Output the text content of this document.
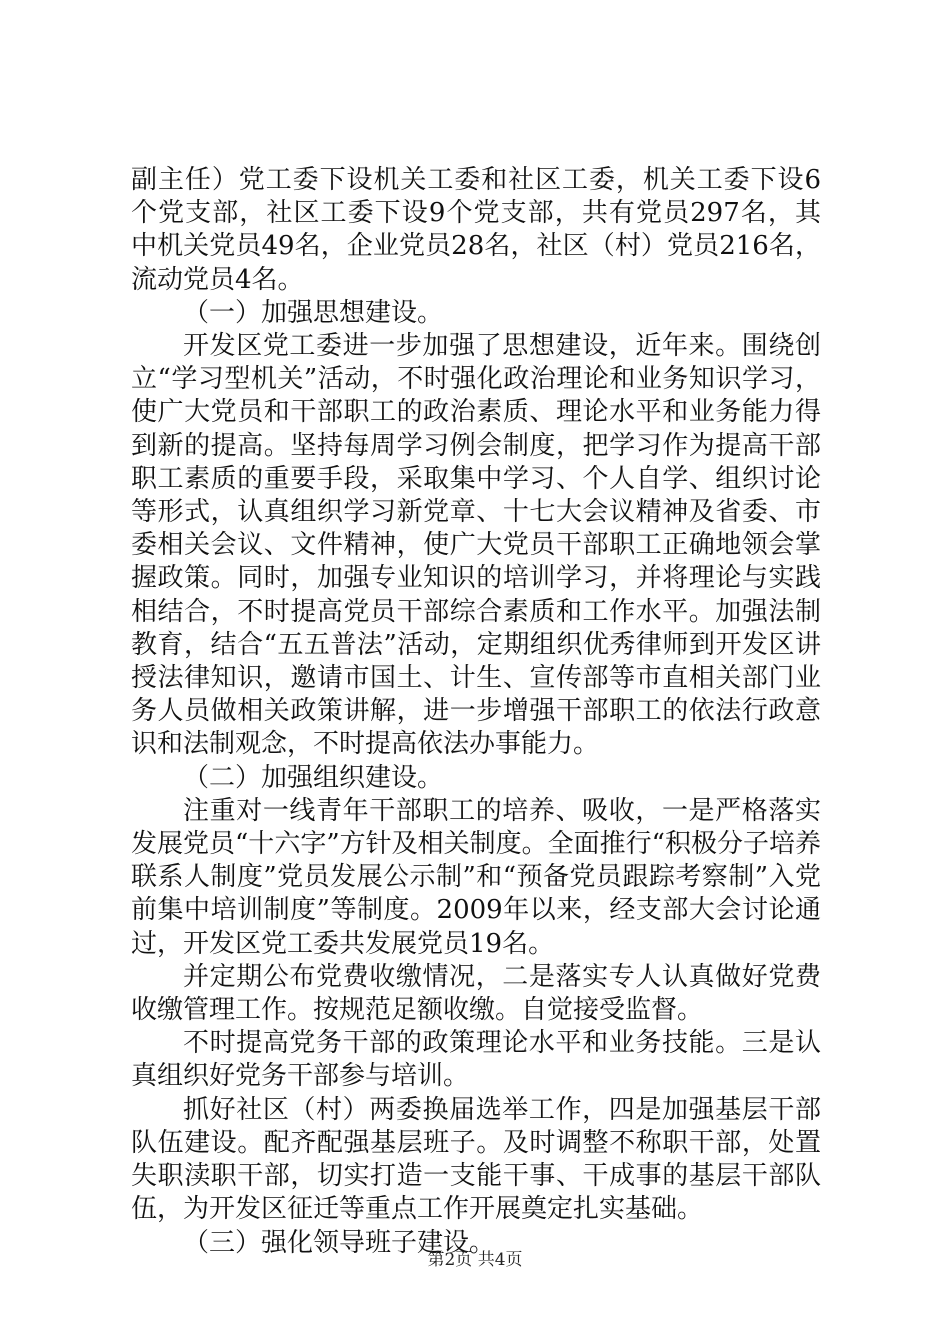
副主任）党工委下设机关工委和社区工委，机关工委下设6个党支部，社区工委下设9个党支部，共有党员297名，其中机关党员49名，企业党员28名，社区（村）党员216名，流动党员4名。

（一）加强思想建设。

开发区党工委进一步加强了思想建设，近年来。围绕创立“学习型机关”活动，不时强化政治理论和业务知识学习，使广大党员和干部职工的政治素质、理论水平和业务能力得到新的提高。坚持每周学习例会制度，把学习作为提高干部职工素质的重要手段，采取集中学习、个人自学、组织讨论等形式，认真组织学习新党章、十七大会议精神及省委、市委相关会议、文件精神，使广大党员干部职工正确地领会掌握政策。同时，加强专业知识的培训学习，并将理论与实践相结合，不时提高党员干部综合素质和工作水平。加强法制教育，结合“五五普法”活动，定期组织优秀律师到开发区讲授法律知识，邀请市国土、计生、宣传部等市直相关部门业务人员做相关政策讲解，进一步增强干部职工的依法行政意识和法制观念，不时提高依法办事能力。

（二）加强组织建设。

注重对一线青年干部职工的培养、吸收，一是严格落实发展党员“十六字”方针及相关制度。全面推行“积极分子培养联系人制度”党员发展公示制”和“预备党员跟踪考察制”入党前集中培训制度”等制度。2009年以来，经支部大会讨论通过，开发区党工委共发展党员19名。

并定期公布党费收缴情况，二是落实专人认真做好党费收缴管理工作。按规范足额收缴。自觉接受监督。

不时提高党务干部的政策理论水平和业务技能。三是认真组织好党务干部参与培训。

抓好社区（村）两委换届选举工作，四是加强基层干部队伍建设。配齐配强基层班子。及时调整不称职干部，处置失职渎职干部，切实打造一支能干事、干成事的基层干部队伍，为开发区征迁等重点工作开展奠定扎实基础。

（三）强化领导班子建设。

第2页 共4页
